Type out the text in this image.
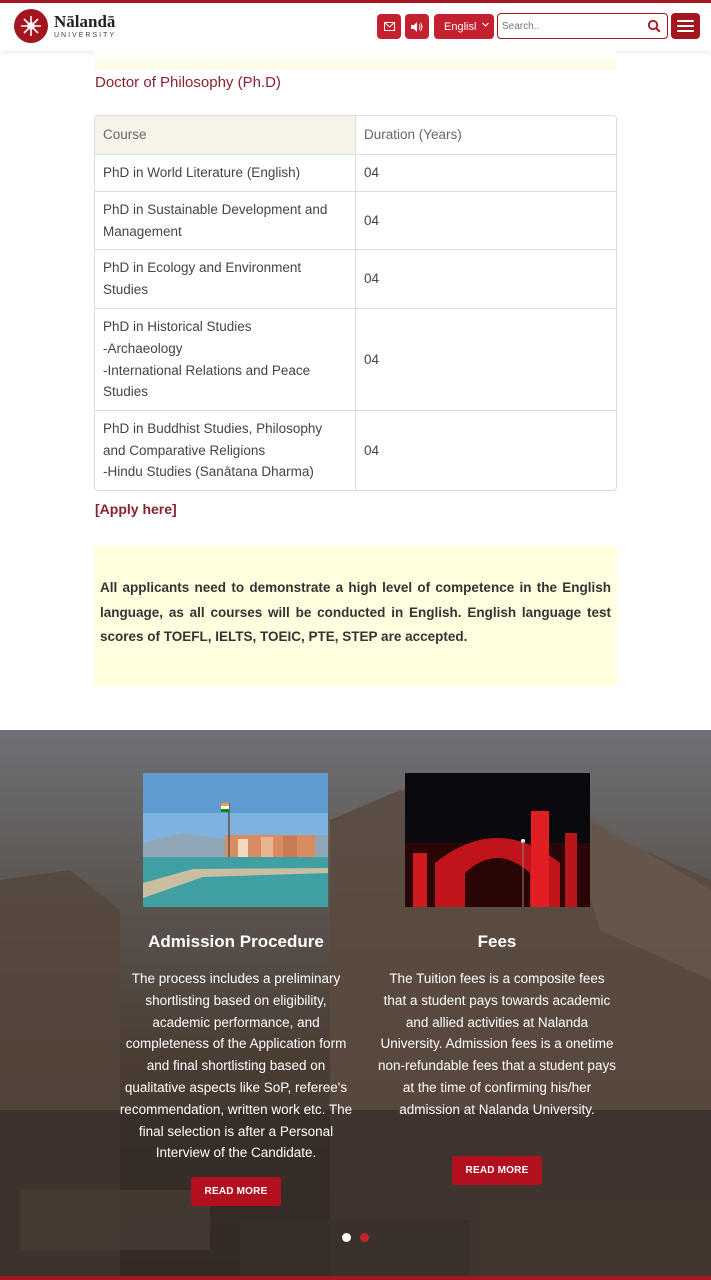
Nālandā
UNIVERSITY
Englisl
Search..
Doctor of Philosophy (Ph.D)
Course	Duration (Years)
PhD in World Literature (English)	04
PhD in Sustainable Development and
Management
04
PhD in Ecology and Environment
Studies
04
PhD in Historical Studies
-Archaeology
-International Relations and Peace
Studies
04
PhD in Buddhist Studies, Philosophy
and Comparative Religions
-Hindu Studies (Sanātana Dharma)
04
[Apply here]
All applicants need to demonstrate a high level of competence in the English language, as all courses will be conducted in English. English language test scores of TOEFL, IELTS, TOEIC, PTE, STEP are accepted.
Admission Procedure
The process includes a preliminary shortlisting based on eligibility, academic performance, and completeness of the Application form and final shortlisting based on qualitative aspects like SoP, referee's recommendation, written work etc. The final selection is after a Personal Interview of the Candidate.
READ MORE
Fees
The Tuition fees is a composite fees that a student pays towards academic and allied activities at Nalanda University. Admission fees is a onetime non-refundable fees that a student pays at the time of confirming his/her admission at Nalanda University.
READ MORE
